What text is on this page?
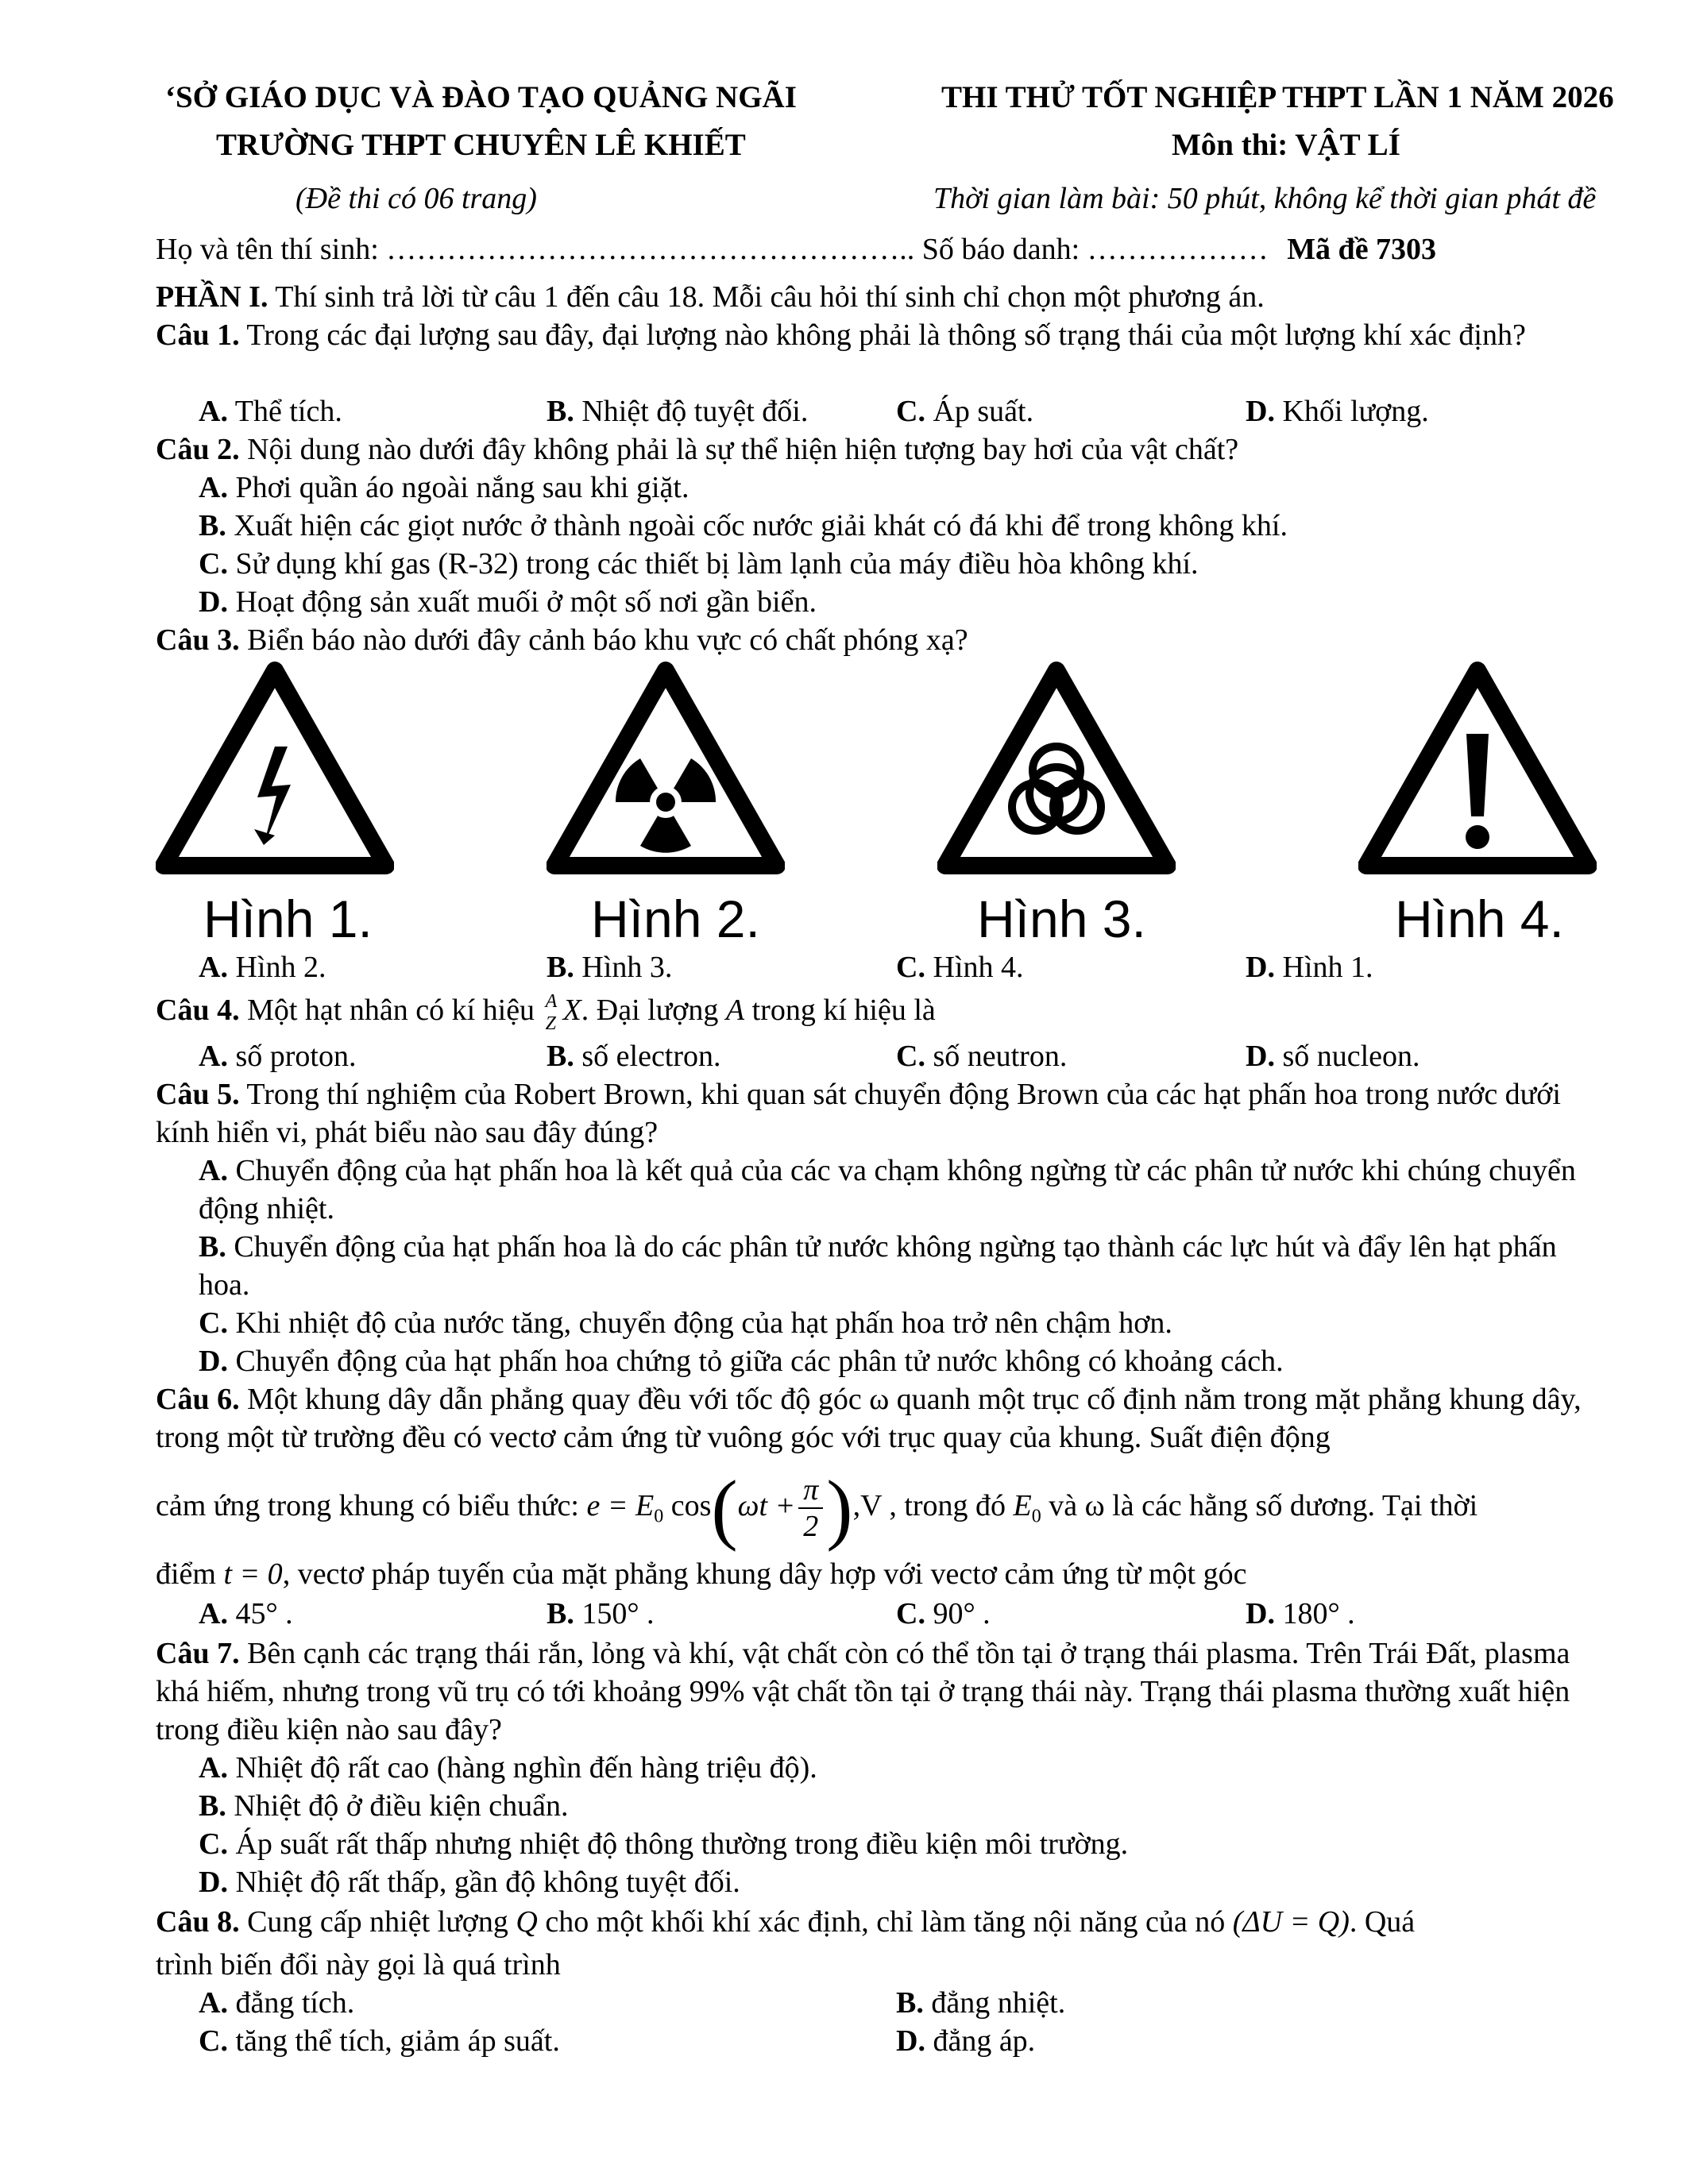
‘SỞ GIÁO DỤC VÀ ĐÀO TẠO QUẢNG NGÃI
TRƯỜNG THPT CHUYÊN LÊ KHIẾT
(Đề thi có 06 trang)
THI THỬ TỐT NGHIỆP THPT LẦN 1 NĂM 2026
Môn thi: VẬT LÍ
Thời gian làm bài: 50 phút, không kể thời gian phát đề
Họ và tên thí sinh: …………………………………………….. Số báo danh: ……………… Mã đề 7303
PHẦN I. Thí sinh trả lời từ câu 1 đến câu 18. Mỗi câu hỏi thí sinh chỉ chọn một phương án.
Câu 1. Trong các đại lượng sau đây, đại lượng nào không phải là thông số trạng thái của một lượng khí xác định?
A. Thể tích.	B. Nhiệt độ tuyệt đối.	C. Áp suất.	D. Khối lượng.
Câu 2. Nội dung nào dưới đây không phải là sự thể hiện hiện tượng bay hơi của vật chất?
A. Phơi quần áo ngoài nắng sau khi giặt.
B. Xuất hiện các giọt nước ở thành ngoài cốc nước giải khát có đá khi để trong không khí.
C. Sử dụng khí gas (R-32) trong các thiết bị làm lạnh của máy điều hòa không khí.
D. Hoạt động sản xuất muối ở một số nơi gần biển.
Câu 3. Biển báo nào dưới đây cảnh báo khu vực có chất phóng xạ?
Hình 1.	Hình 2.	Hình 3.	Hình 4.
A. Hình 2.	B. Hình 3.	C. Hình 4.	D. Hình 1.
Câu 4. Một hạt nhân có kí hiệu A
Z X. Đại lượng A trong kí hiệu là
A. số proton.	B. số electron.	C. số neutron.	D. số nucleon.
Câu 5. Trong thí nghiệm của Robert Brown, khi quan sát chuyển động Brown của các hạt phấn hoa trong nước dưới kính hiển vi, phát biểu nào sau đây đúng?
A. Chuyển động của hạt phấn hoa là kết quả của các va chạm không ngừng từ các phân tử nước khi chúng chuyển động nhiệt.
B. Chuyển động của hạt phấn hoa là do các phân tử nước không ngừng tạo thành các lực hút và đẩy lên hạt phấn hoa.
C. Khi nhiệt độ của nước tăng, chuyển động của hạt phấn hoa trở nên chậm hơn.
D. Chuyển động của hạt phấn hoa chứng tỏ giữa các phân tử nước không có khoảng cách.
Câu 6. Một khung dây dẫn phẳng quay đều với tốc độ góc ω quanh một trục cố định nằm trong mặt phẳng khung dây, trong một từ trường đều có vectơ cảm ứng từ vuông góc với trục quay của khung. Suất điện động
cảm ứng trong khung có biểu thức: $e = E_0$ $\cos(\omega t + \frac{\pi}{2} ),V$ , trong đó $E_0$ và ω là các hằng số dương. Tại thời
điểm t = 0, vectơ pháp tuyến của mặt phẳng khung dây hợp với vectơ cảm ứng từ một góc
A. 45° .	B. 150° .	C. 90° .	D. 180° .
Câu 7. Bên cạnh các trạng thái rắn, lỏng và khí, vật chất còn có thể tồn tại ở trạng thái plasma. Trên Trái Đất, plasma khá hiếm, nhưng trong vũ trụ có tới khoảng 99% vật chất tồn tại ở trạng thái này. Trạng thái plasma thường xuất hiện trong điều kiện nào sau đây?
A. Nhiệt độ rất cao (hàng nghìn đến hàng triệu độ).
B. Nhiệt độ ở điều kiện chuẩn.
C. Áp suất rất thấp nhưng nhiệt độ thông thường trong điều kiện môi trường.
D. Nhiệt độ rất thấp, gần độ không tuyệt đối.
Câu 8. Cung cấp nhiệt lượng Q cho một khối khí xác định, chỉ làm tăng nội năng của nó (ΔU = Q). Quá
trình biến đổi này gọi là quá trình
A. đẳng tích.	B. đẳng nhiệt.
C. tăng thể tích, giảm áp suất.	D. đẳng áp.
